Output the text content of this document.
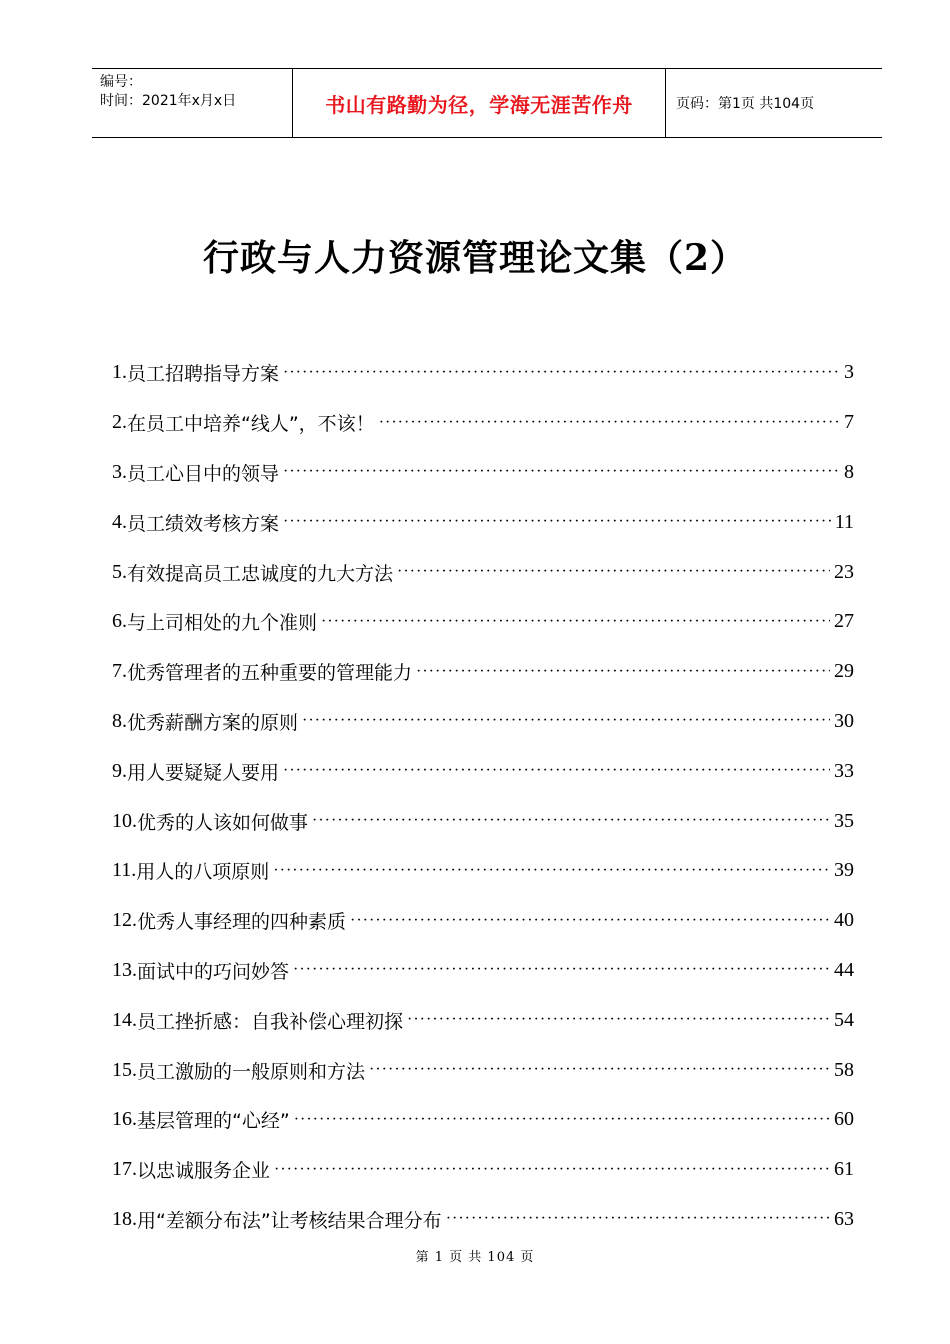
编号：
时间：2021年x月x日	书山有路勤为径，学海无涯苦作舟	页码：第1页 共104页
行政与人力资源管理论文集（2）
1. 员工招聘指导方案 ·····	3
2. 在员工中培养“线人”，不该！ ·····	7
3. 员工心目中的领导 ·····	8
4. 员工绩效考核方案 ·····	11
5. 有效提高员工忠诚度的九大方法 ·····	23
6. 与上司相处的九个准则 ·····	27
7. 优秀管理者的五种重要的管理能力 ·····	29
8. 优秀薪酬方案的原则 ·····	30
9. 用人要疑疑人要用 ·····	33
10. 优秀的人该如何做事 ·····	35
11. 用人的八项原则 ·····	39
12. 优秀人事经理的四种素质 ·····	40
13. 面试中的巧问妙答 ·····	44
14. 员工挫折感：自我补偿心理初探 ·····	54
15. 员工激励的一般原则和方法 ·····	58
16. 基层管理的“心经” ·····	60
17. 以忠诚服务企业 ·····	61
18. 用“差额分布法”让考核结果合理分布 ·····	63
第 1 页 共 104 页
